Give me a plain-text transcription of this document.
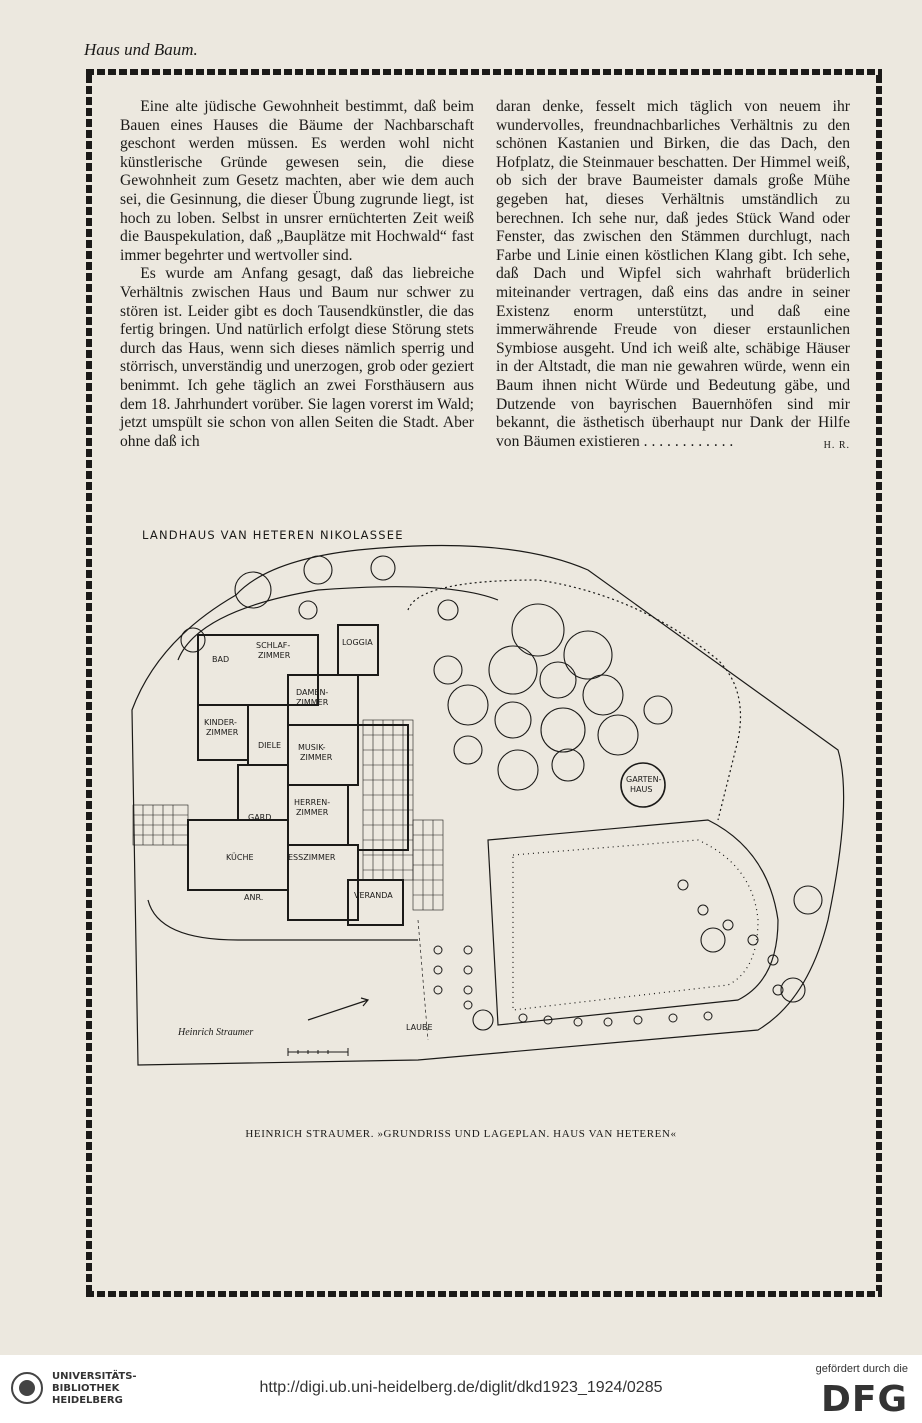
Haus und Baum.

Eine alte jüdische Gewohnheit bestimmt, daß beim Bauen eines Hauses die Bäume der Nachbarschaft geschont werden müssen. Es werden wohl nicht künstlerische Gründe gewesen sein, die diese Gewohnheit zum Gesetz machten, aber wie dem auch sei, die Gesinnung, die dieser Übung zugrunde liegt, ist hoch zu loben. Selbst in unsrer ernüchterten Zeit weiß die Bauspekulation, daß „Bauplätze mit Hochwald“ fast immer begehrter und wertvoller sind.

Es wurde am Anfang gesagt, daß das liebreiche Verhältnis zwischen Haus und Baum nur schwer zu stören ist. Leider gibt es doch Tausendkünstler, die das fertig bringen. Und natürlich erfolgt diese Störung stets durch das Haus, wenn sich dieses nämlich sperrig und störrisch, unverständig und unerzogen, grob oder geziert benimmt. Ich gehe täglich an zwei Forsthäusern aus dem 18. Jahrhundert vorüber. Sie lagen vorerst im Wald; jetzt umspült sie schon von allen Seiten die Stadt. Aber ohne daß ich

daran denke, fesselt mich täglich von neuem ihr wundervolles, freundnachbarliches Verhältnis zu den schönen Kastanien und Birken, die das Dach, den Hofplatz, die Steinmauer beschatten. Der Himmel weiß, ob sich der brave Baumeister damals große Mühe gegeben hat, dieses Verhältnis umständlich zu berechnen. Ich sehe nur, daß jedes Stück Wand oder Fenster, das zwischen den Stämmen durchlugt, nach Farbe und Linie einen köstlichen Klang gibt. Ich sehe, daß Dach und Wipfel sich wahrhaft brüderlich miteinander vertragen, daß eins das andre in seiner Existenz enorm unterstützt, und daß eine immerwährende Freude von dieser erstaunlichen Symbiose ausgeht. Und ich weiß alte, schäbige Häuser in der Altstadt, die man nie gewahren würde, wenn ein Baum ihnen nicht Würde und Bedeutung gäbe, und Dutzende von bayrischen Bauernhöfen sind mir bekannt, die ästhetisch überhaupt nur Dank der Hilfe von Bäumen existieren . . . . . . . . . . . .	H. R.

LANDHAUS VAN HETEREN NIKOLASSEE
SCHLAF-
ZIMMER
LOGGIA
BAD
DAMEN-
ZIMMER
KINDER-
ZIMMER
DIELE MUSIK-
ZIMMER
HERREN-
ZIMMER
GARD.
KÜCHE	ESSZIMMER
VERANDA
ANR.
GARTEN-
HAUS
LAUBE
Heinrich Straumer
HEINRICH STRAUMER. »GRUNDRISS UND LAGEPLAN. HAUS VAN HETEREN«
UNIVERSITÄTS-
BIBLIOTHEK
HEIDELBERG
http://digi.ub.uni-heidelberg.de/diglit/dkd1923_1924/0285
gefördert durch die
DFG
